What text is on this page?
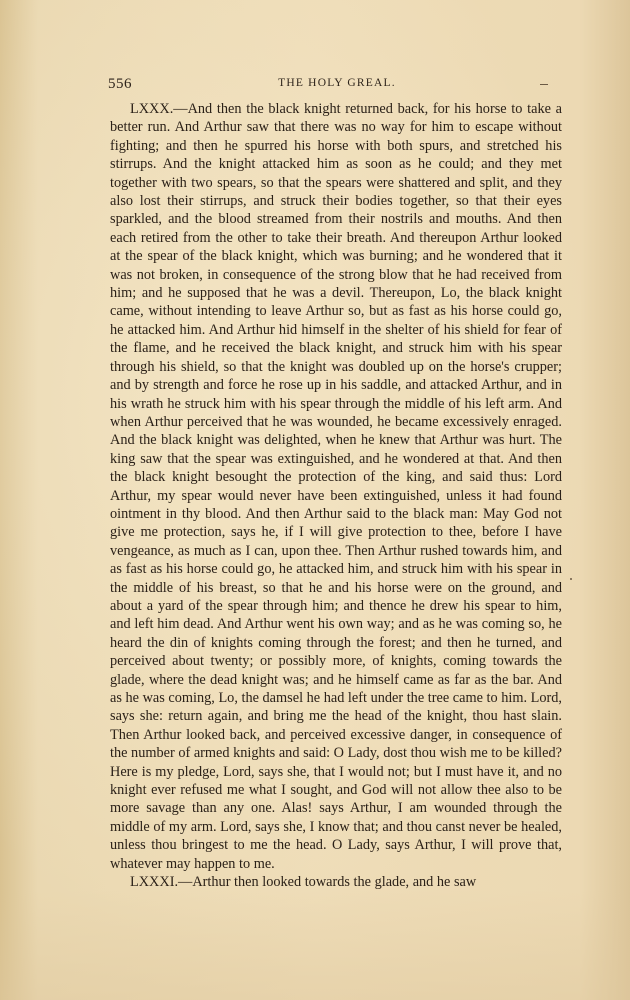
556	THE HOLY GREAL.

LXXX.—And then the black knight returned back, for his horse to take a better run. And Arthur saw that there was no way for him to escape without fighting; and then he spurred his horse with both spurs, and stretched his stirrups. And the knight attacked him as soon as he could; and they met together with two spears, so that the spears were shattered and split, and they also lost their stirrups, and struck their bodies together, so that their eyes sparkled, and the blood streamed from their nostrils and mouths. And then each retired from the other to take their breath. And thereupon Arthur looked at the spear of the black knight, which was burning; and he wondered that it was not broken, in consequence of the strong blow that he had received from him; and he supposed that he was a devil. Thereupon, Lo, the black knight came, without intending to leave Arthur so, but as fast as his horse could go, he attacked him. And Arthur hid himself in the shelter of his shield for fear of the flame, and he received the black knight, and struck him with his spear through his shield, so that the knight was doubled up on the horse's crupper; and by strength and force he rose up in his saddle, and attacked Arthur, and in his wrath he struck him with his spear through the middle of his left arm. And when Arthur perceived that he was wounded, he became excessively enraged. And the black knight was delighted, when he knew that Arthur was hurt. The king saw that the spear was extinguished, and he wondered at that. And then the black knight besought the protection of the king, and said thus: Lord Arthur, my spear would never have been extinguished, unless it had found ointment in thy blood. And then Arthur said to the black man: May God not give me protection, says he, if I will give protection to thee, before I have vengeance, as much as I can, upon thee. Then Arthur rushed towards him, and as fast as his horse could go, he attacked him, and struck him with his spear in the middle of his breast, so that he and his horse were on the ground, and about a yard of the spear through him; and thence he drew his spear to him, and left him dead. And Arthur went his own way; and as he was coming so, he heard the din of knights coming through the forest; and then he turned, and perceived about twenty; or possibly more, of knights, coming towards the glade, where the dead knight was; and he himself came as far as the bar. And as he was coming, Lo, the damsel he had left under the tree came to him. Lord, says she: return again, and bring me the head of the knight, thou hast slain. Then Arthur looked back, and perceived excessive danger, in consequence of the number of armed knights and said: O Lady, dost thou wish me to be killed? Here is my pledge, Lord, says she, that I would not; but I must have it, and no knight ever refused me what I sought, and God will not allow thee also to be more savage than any one. Alas! says Arthur, I am wounded through the middle of my arm. Lord, says she, I know that; and thou canst never be healed, unless thou bringest to me the head. O Lady, says Arthur, I will prove that, whatever may happen to me.

LXXXI.—Arthur then looked towards the glade, and he saw
